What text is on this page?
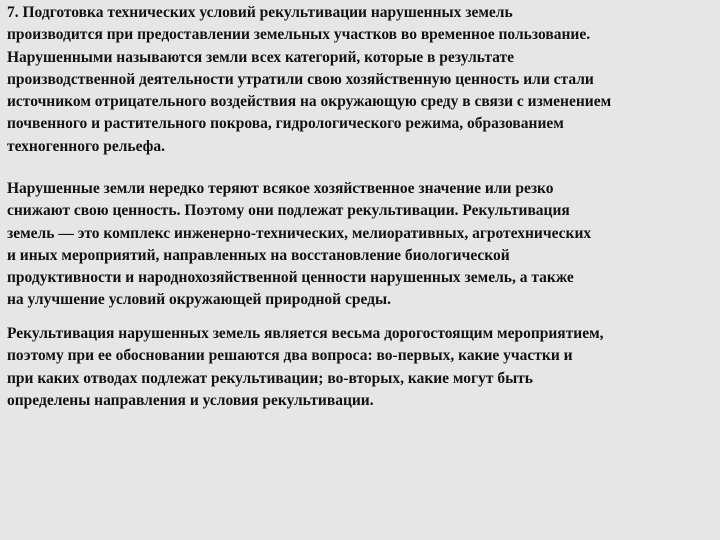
7. Подготовка технических условий рекультивации нарушенных земель
производится при предоставлении земельных участков во временное пользование.
Нарушенными называются земли всех категорий, которые в результате
производственной деятельности утратили свою хозяйственную ценность или стали
источником отрицательного воздействия на окружающую среду в связи с изменением
почвенного и растительного покрова, гидрологического режима, образованием
техногенного рельефа.
Нарушенные земли нередко теряют всякое хозяйственное значение или резко
снижают свою ценность. Поэтому они подлежат рекультивации. Рекультивация
земель — это комплекс инженерно-технических, мелиоративных, агротехнических
и иных мероприятий, направленных на восстановление биологической
продуктивности и народнохозяйственной ценности нарушенных земель, а также
на улучшение условий окружающей природной среды.
Рекультивация нарушенных земель является весьма дорогостоящим мероприятием,
поэтому при ее обосновании решаются два вопроса: во-первых, какие участки и
при каких отводах подлежат рекультивации; во-вторых, какие могут быть
определены направления и условия рекультивации.
